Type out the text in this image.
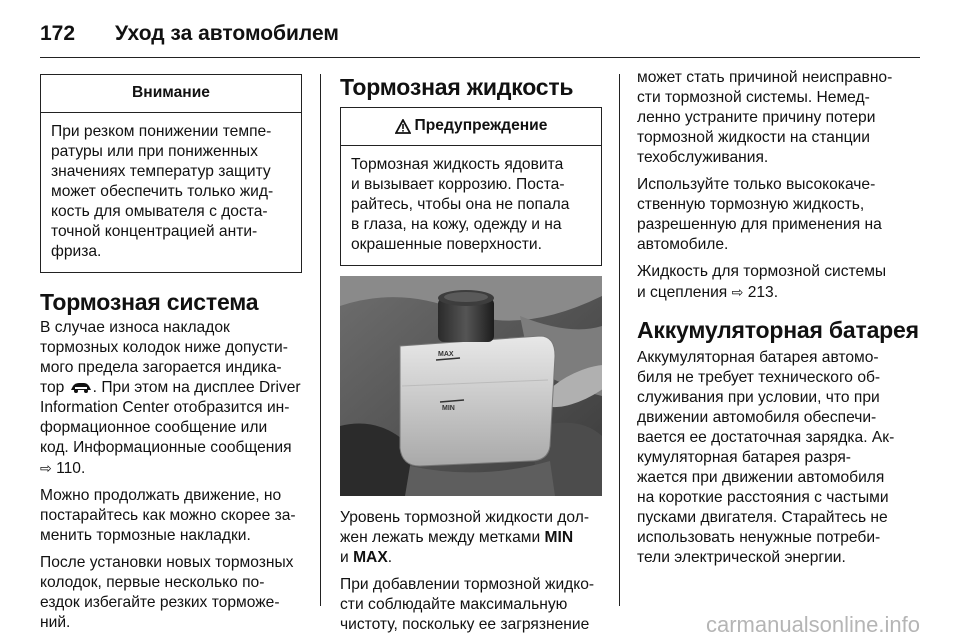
172	Уход за автомобилем
Внимание
При резком понижении темпе-
ратуры или при пониженных
значениях температур защиту
может обеспечить только жид-
кость для омывателя с доста-
точной концентрацией анти-
фриза.
Тормозная система

В случае износа накладок
тормозных колодок ниже допусти-
мого предела загорается индика-
тор . При этом на дисплее Driver
Information Center отобразится ин-
формационное сообщение или
код. Информационные сообщения
⇨ 110.

Можно продолжать движение, но
постарайтесь как можно скорее за-
менить тормозные накладки.

После установки новых тормозных
колодок, первые несколько по-
ездок избегайте резких торможе-
ний.

Тормозная жидкость
Предупреждение
Тормозная жидкость ядовита
и вызывает коррозию. Поста-
райтесь, чтобы она не попала
в глаза, на кожу, одежду и на
окрашенные поверхности.
MAX
MIN

Уровень тормозной жидкости дол-
жен лежать между метками MIN
и MAX.

При добавлении тормозной жидко-
сти соблюдайте максимальную
чистоту, поскольку ее загрязнение

может стать причиной неисправно-
сти тормозной системы. Немед-
ленно устраните причину потери
тормозной жидкости на станции
техобслуживания.

Используйте только высококаче-
ственную тормозную жидкость,
разрешенную для применения на
автомобиле.

Жидкость для тормозной системы
и сцепления ⇨ 213.

Аккумуляторная батарея

Аккумуляторная батарея автомо-
биля не требует технического об-
служивания при условии, что при
движении автомобиля обеспечи-
вается ее достаточная зарядка. Ак-
кумуляторная батарея разря-
жается при движении автомобиля
на короткие расстояния с частыми
пусками двигателя. Старайтесь не
использовать ненужные потреби-
тели электрической энергии.

carmanualsonline.info
